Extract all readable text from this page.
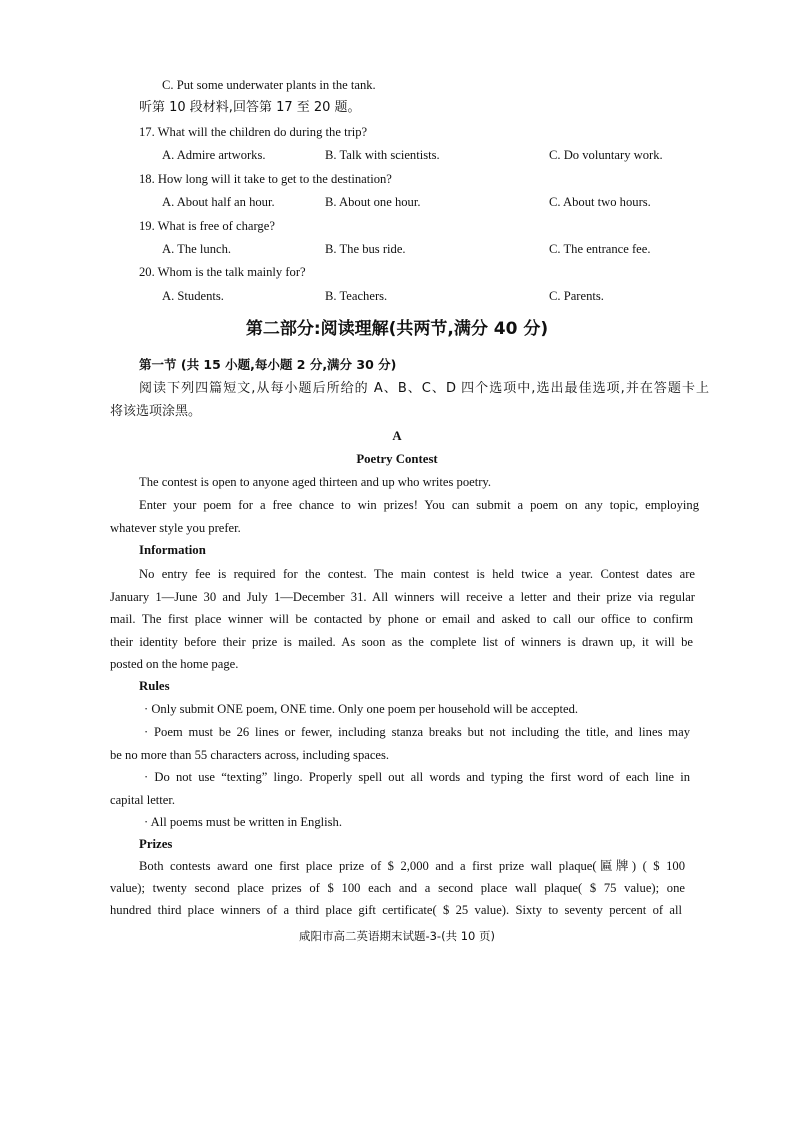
C. Put some underwater plants in the tank.
听第 10 段材料,回答第 17 至 20 题。
17. What will the children do during the trip?
A. Admire artworks.	B. Talk with scientists.	C. Do voluntary work.
18. How long will it take to get to the destination?
A. About half an hour.	B. About one hour.	C. About two hours.
19. What is free of charge?
A. The lunch.	B. The bus ride.	C. The entrance fee.
20. Whom is the talk mainly for?
A. Students.	B. Teachers.	C. Parents.
第二部分:阅读理解(共两节,满分 40 分)
第一节 (共 15 小题,每小题 2 分,满分 30 分)
阅读下列四篇短文,从每小题后所给的 A、B、C、D 四个选项中,选出最佳选项,并在答题卡上
将该选项涂黑。
A
Poetry Contest
The contest is open to anyone aged thirteen and up who writes poetry.
Enter your poem for a free chance to win prizes! You can submit a poem on any topic, employing
whatever style you prefer.
Information
No entry fee is required for the contest. The main contest is held twice a year. Contest dates are
January 1—June 30 and July 1—December 31. All winners will receive a letter and their prize via regular
mail. The first place winner will be contacted by phone or email and asked to call our office to confirm
their identity before their prize is mailed. As soon as the complete list of winners is drawn up, it will be
posted on the home page.
Rules
· Only submit ONE poem, ONE time. Only one poem per household will be accepted.
· Poem must be 26 lines or fewer, including stanza breaks but not including the title, and lines may
be no more than 55 characters across, including spaces.
· Do not use “texting” lingo. Properly spell out all words and typing the first word of each line in
capital letter.
· All poems must be written in English.
Prizes
Both contests award one first place prize of $ 2,000 and a first prize wall plaque(匾牌) ( $ 100
value); twenty second place prizes of $ 100 each and a second place wall plaque( $ 75 value); one
hundred third place winners of a third place gift certificate( $ 25 value). Sixty to seventy percent of all
咸阳市高二英语期末试题-3-(共 10 页)
